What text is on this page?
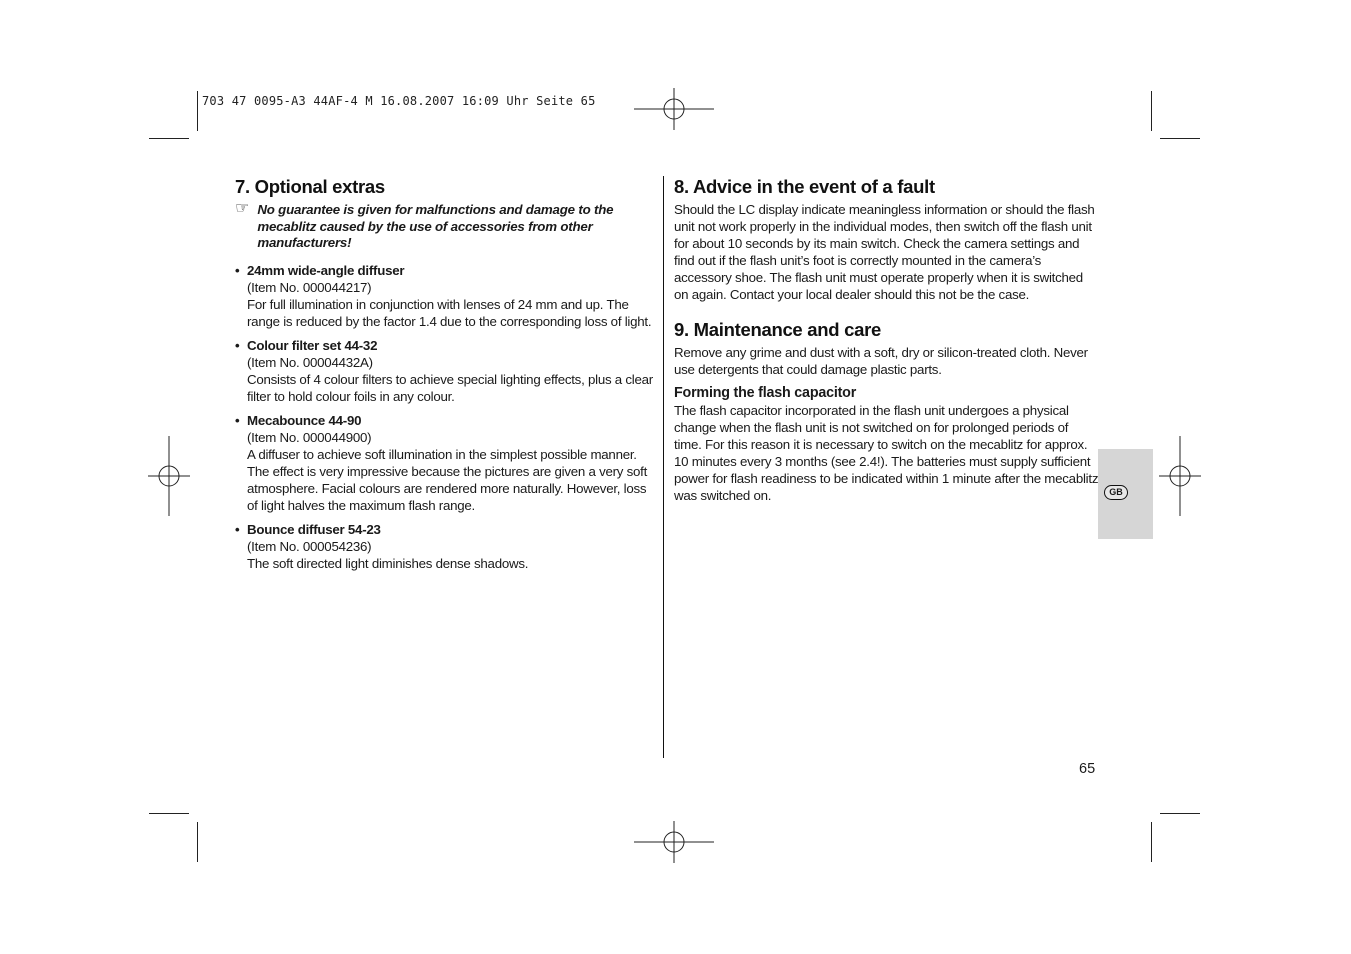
703 47 0095-A3 44AF-4 M 16.08.2007 16:09 Uhr Seite 65
7. Optional extras
☞ No guarantee is given for malfunctions and damage to the mecablitz caused by the use of accessories from other manufacturers!
• 24mm wide-angle diffuser
(Item No. 000044217)
For full illumination in conjunction with lenses of 24 mm and up. The range is reduced by the factor 1.4 due to the corresponding loss of light.
• Colour filter set 44-32
(Item No. 00004432A)
Consists of 4 colour filters to achieve special lighting effects, plus a clear filter to hold colour foils in any colour.
• Mecabounce 44-90
(Item No. 000044900)
A diffuser to achieve soft illumination in the simplest possible manner. The effect is very impressive because the pictures are given a very soft atmosphere. Facial colours are rendered more naturally. However, loss of light halves the maximum flash range.
• Bounce diffuser 54-23
(Item No. 000054236)
The soft directed light diminishes dense shadows.
8. Advice in the event of a fault

Should the LC display indicate meaningless information or should the flash unit not work properly in the individual modes, then switch off the flash unit for about 10 seconds by its main switch. Check the camera settings and find out if the flash unit’s foot is correctly mounted in the camera’s accessory shoe. The flash unit must operate properly when it is switched on again. Contact your local dealer should this not be the case.

9. Maintenance and care

Remove any grime and dust with a soft, dry or silicon-treated cloth. Never use detergents that could damage plastic parts.

Forming the flash capacitor

The flash capacitor incorporated in the flash unit undergoes a physical change when the flash unit is not switched on for prolonged periods of time. For this reason it is necessary to switch on the mecablitz for approx. 10 minutes every 3 months (see 2.4!). The batteries must supply sufficient power for flash readiness to be indicated within 1 minute after the mecablitz was switched on.	GB
65
